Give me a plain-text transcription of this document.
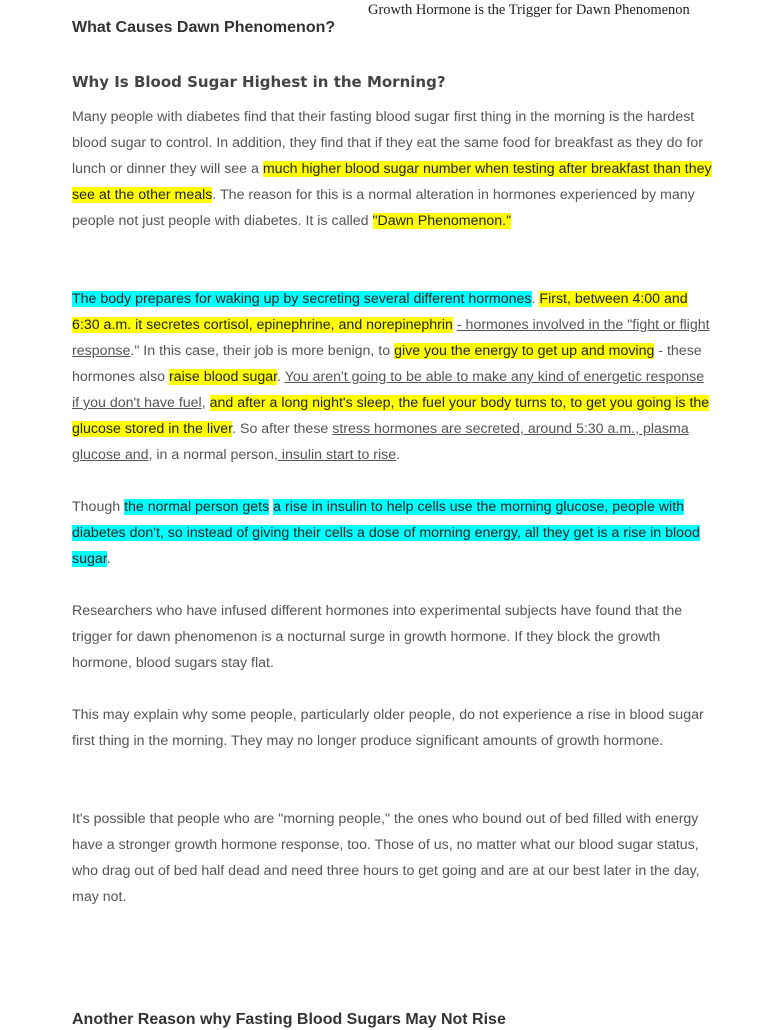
Growth Hormone is the Trigger for Dawn Phenomenon
What Causes Dawn Phenomenon?
Why Is Blood Sugar Highest in the Morning?

Many people with diabetes find that their fasting blood sugar first thing in the morning is the hardest blood sugar to control. In addition, they find that if they eat the same food for breakfast as they do for lunch or dinner they will see a much higher blood sugar number when testing after breakfast than they see at the other meals. The reason for this is a normal alteration in hormones experienced by many people not just people with diabetes. It is called "Dawn Phenomenon."

The body prepares for waking up by secreting several different hormones. First, between 4:00 and 6:30 a.m. it secretes cortisol, epinephrine, and norepinephrin - hormones involved in the "fight or flight response." In this case, their job is more benign, to give you the energy to get up and moving - these hormones also raise blood sugar. You aren't going to be able to make any kind of energetic response if you don't have fuel, and after a long night's sleep, the fuel your body turns to, to get you going is the glucose stored in the liver. So after these stress hormones are secreted, around 5:30 a.m., plasma glucose and, in a normal person, insulin start to rise.

Though the normal person gets a rise in insulin to help cells use the morning glucose, people with diabetes don't, so instead of giving their cells a dose of morning energy, all they get is a rise in blood sugar.

Researchers who have infused different hormones into experimental subjects have found that the trigger for dawn phenomenon is a nocturnal surge in growth hormone. If they block the growth hormone, blood sugars stay flat.

This may explain why some people, particularly older people, do not experience a rise in blood sugar first thing in the morning. They may no longer produce significant amounts of growth hormone.

It's possible that people who are "morning people," the ones who bound out of bed filled with energy have a stronger growth hormone response, too. Those of us, no matter what our blood sugar status, who drag out of bed half dead and need three hours to get going and are at our best later in the day, may not.

Another Reason why Fasting Blood Sugars May Not Rise
